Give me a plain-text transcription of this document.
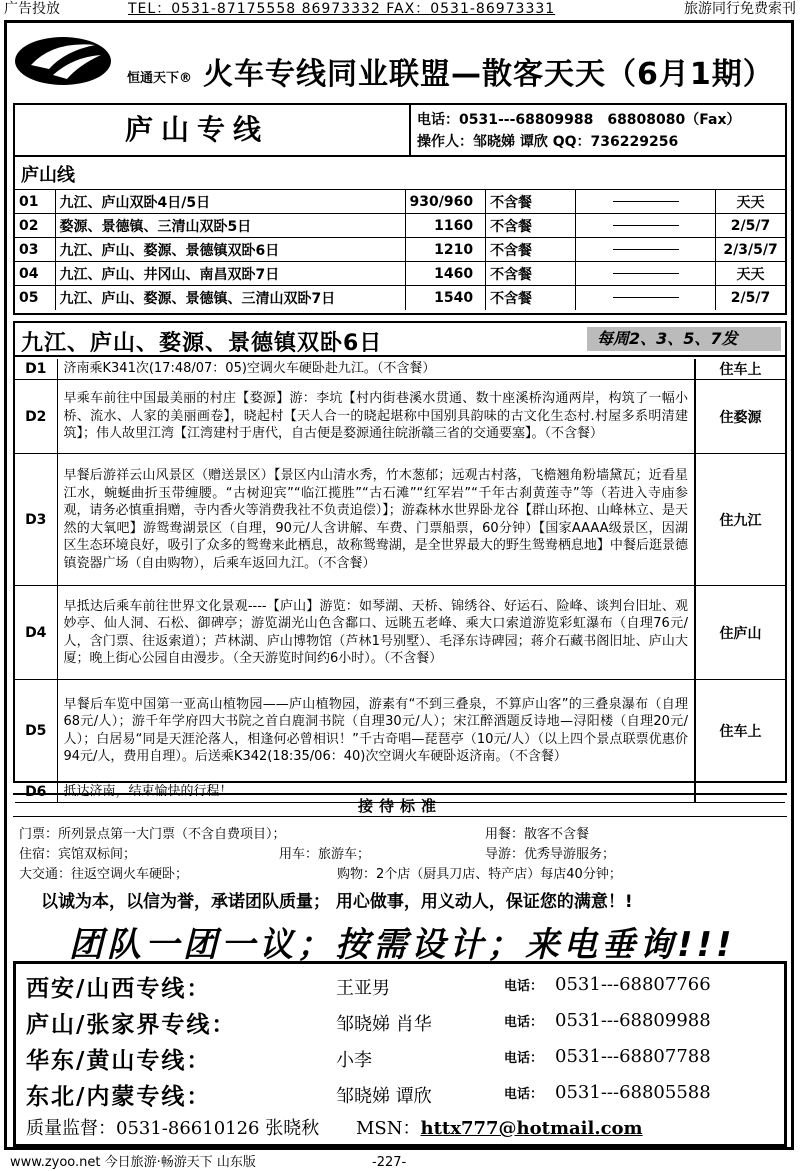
广告投放	TEL：0531-87175558 86973332 FAX：0531-86973331	旅游同行免费索刊
恒通天下® 火车专线同业联盟—散客天天（6月1期）
庐山专线	电话：0531---68809988　68808080（Fax）
操作人：邹晓娣 谭欣 QQ：736229256
庐山线
01	九江、庐山双卧4日/5日	930/960	不含餐		天天
02	婺源、景德镇、三清山双卧5日	1160	不含餐		2/5/7
03	九江、庐山、婺源、景德镇双卧6日	1210	不含餐		2/3/5/7
04	九江、庐山、井冈山、南昌双卧7日	1460	不含餐		天天
05	九江、庐山、婺源、景德镇、三清山双卧7日	1540	不含餐		2/5/7
九江、庐山、婺源、景德镇双卧6日	每周2、3、5、7发
D1	济南乘K341次(17:48/07：05)空调火车硬卧赴九江。（不含餐）	住车上
D2	早乘车前往中国最美丽的村庄【婺源】游：李坑【村内街巷溪水贯通、数十座溪桥沟通两岸，构筑了一幅小桥、流水、人家的美丽画卷】，晓起村【天人合一的晓起堪称中国别具韵味的古文化生态村.村屋多系明清建筑】；伟人故里江湾【江湾建村于唐代，自古便是婺源通往皖浙赣三省的交通要塞】。（不含餐）	住婺源
D3	早餐后游祥云山风景区（赠送景区）【景区内山清水秀，竹木葱郁；远观古村落，飞檐翘角粉墙黛瓦；近看星江水，蜿蜒曲折玉带缠腰。“古树迎宾”“临江揽胜”“古石滩”“红军岩”“千年古刹黄莲寺”等（若进入寺庙参观，请务必慎重捐赠，寺内香火等消费我社不负责追偿）】；游森林水世界卧龙谷【群山环抱、山峰林立、是天然的大氧吧】游鸳鸯湖景区（自理，90元/人含讲解、车费、门票船票，60分钟）【国家AAAA级景区，因湖区生态环境良好，吸引了众多的鸳鸯来此栖息，故称鸳鸯湖，是全世界最大的野生鸳鸯栖息地】中餐后逛景德镇瓷器广场（自由购物），后乘车返回九江。（不含餐）	住九江
D4	早抵达后乘车前往世界文化景观----【庐山】游览：如琴湖、天桥、锦绣谷、好运石、险峰、谈判台旧址、观妙亭、仙人洞、石松、御碑亭；游览湖光山色含鄱口、远眺五老峰、乘大口索道游览彩虹瀑布（自理76元/人，含门票、往返索道）；芦林湖、庐山博物馆（芦林1号别墅）、毛泽东诗碑园；蒋介石藏书阁旧址、庐山大厦；晚上街心公园自由漫步。（全天游览时间约6小时）。（不含餐）	住庐山
D5	早餐后车览中国第一亚高山植物园——庐山植物园，游素有“不到三叠泉，不算庐山客”的三叠泉瀑布（自理68元/人）；游千年学府四大书院之首白鹿洞书院（自理30元/人）；宋江醉酒题反诗地—浔阳楼（自理20元/人）；白居易“同是天涯沦落人，相逢何必曾相识！”千古奇唱—琵琶亭（10元/人）（以上四个景点联票优惠价94元/人，费用自理）。后送乘K342(18:35/06：40)次空调火车硬卧返济南。（不含餐）	住车上
D6	抵达济南，结束愉快的行程！	
接待标准
门票：所列景点第一大门票（不含自费项目）；	用餐：散客不含餐
住宿：宾馆双标间；	用车：旅游车；	导游：优秀导游服务；
大交通：往返空调火车硬卧；	购物：2个店（厨具刀店、特产店）每店40分钟；
以诚为本，以信为誉，承诺团队质量； 用心做事，用义动人，保证您的满意！!
团队一团一议；按需设计；来电垂询!!!
西安/山西专线：	王亚男	电话： 0531---68807766
庐山/张家界专线：	邹晓娣 肖华	电话： 0531---68809988
华东/黄山专线：	小李	电话： 0531---68807788
东北/内蒙专线：	邹晓娣 谭欣	电话： 0531---68805588
质量监督：0531-86610126 张晓秋 MSN：httx777@hotmail.com
www.zyoo.net 今日旅游·畅游天下 山东版	-227-
